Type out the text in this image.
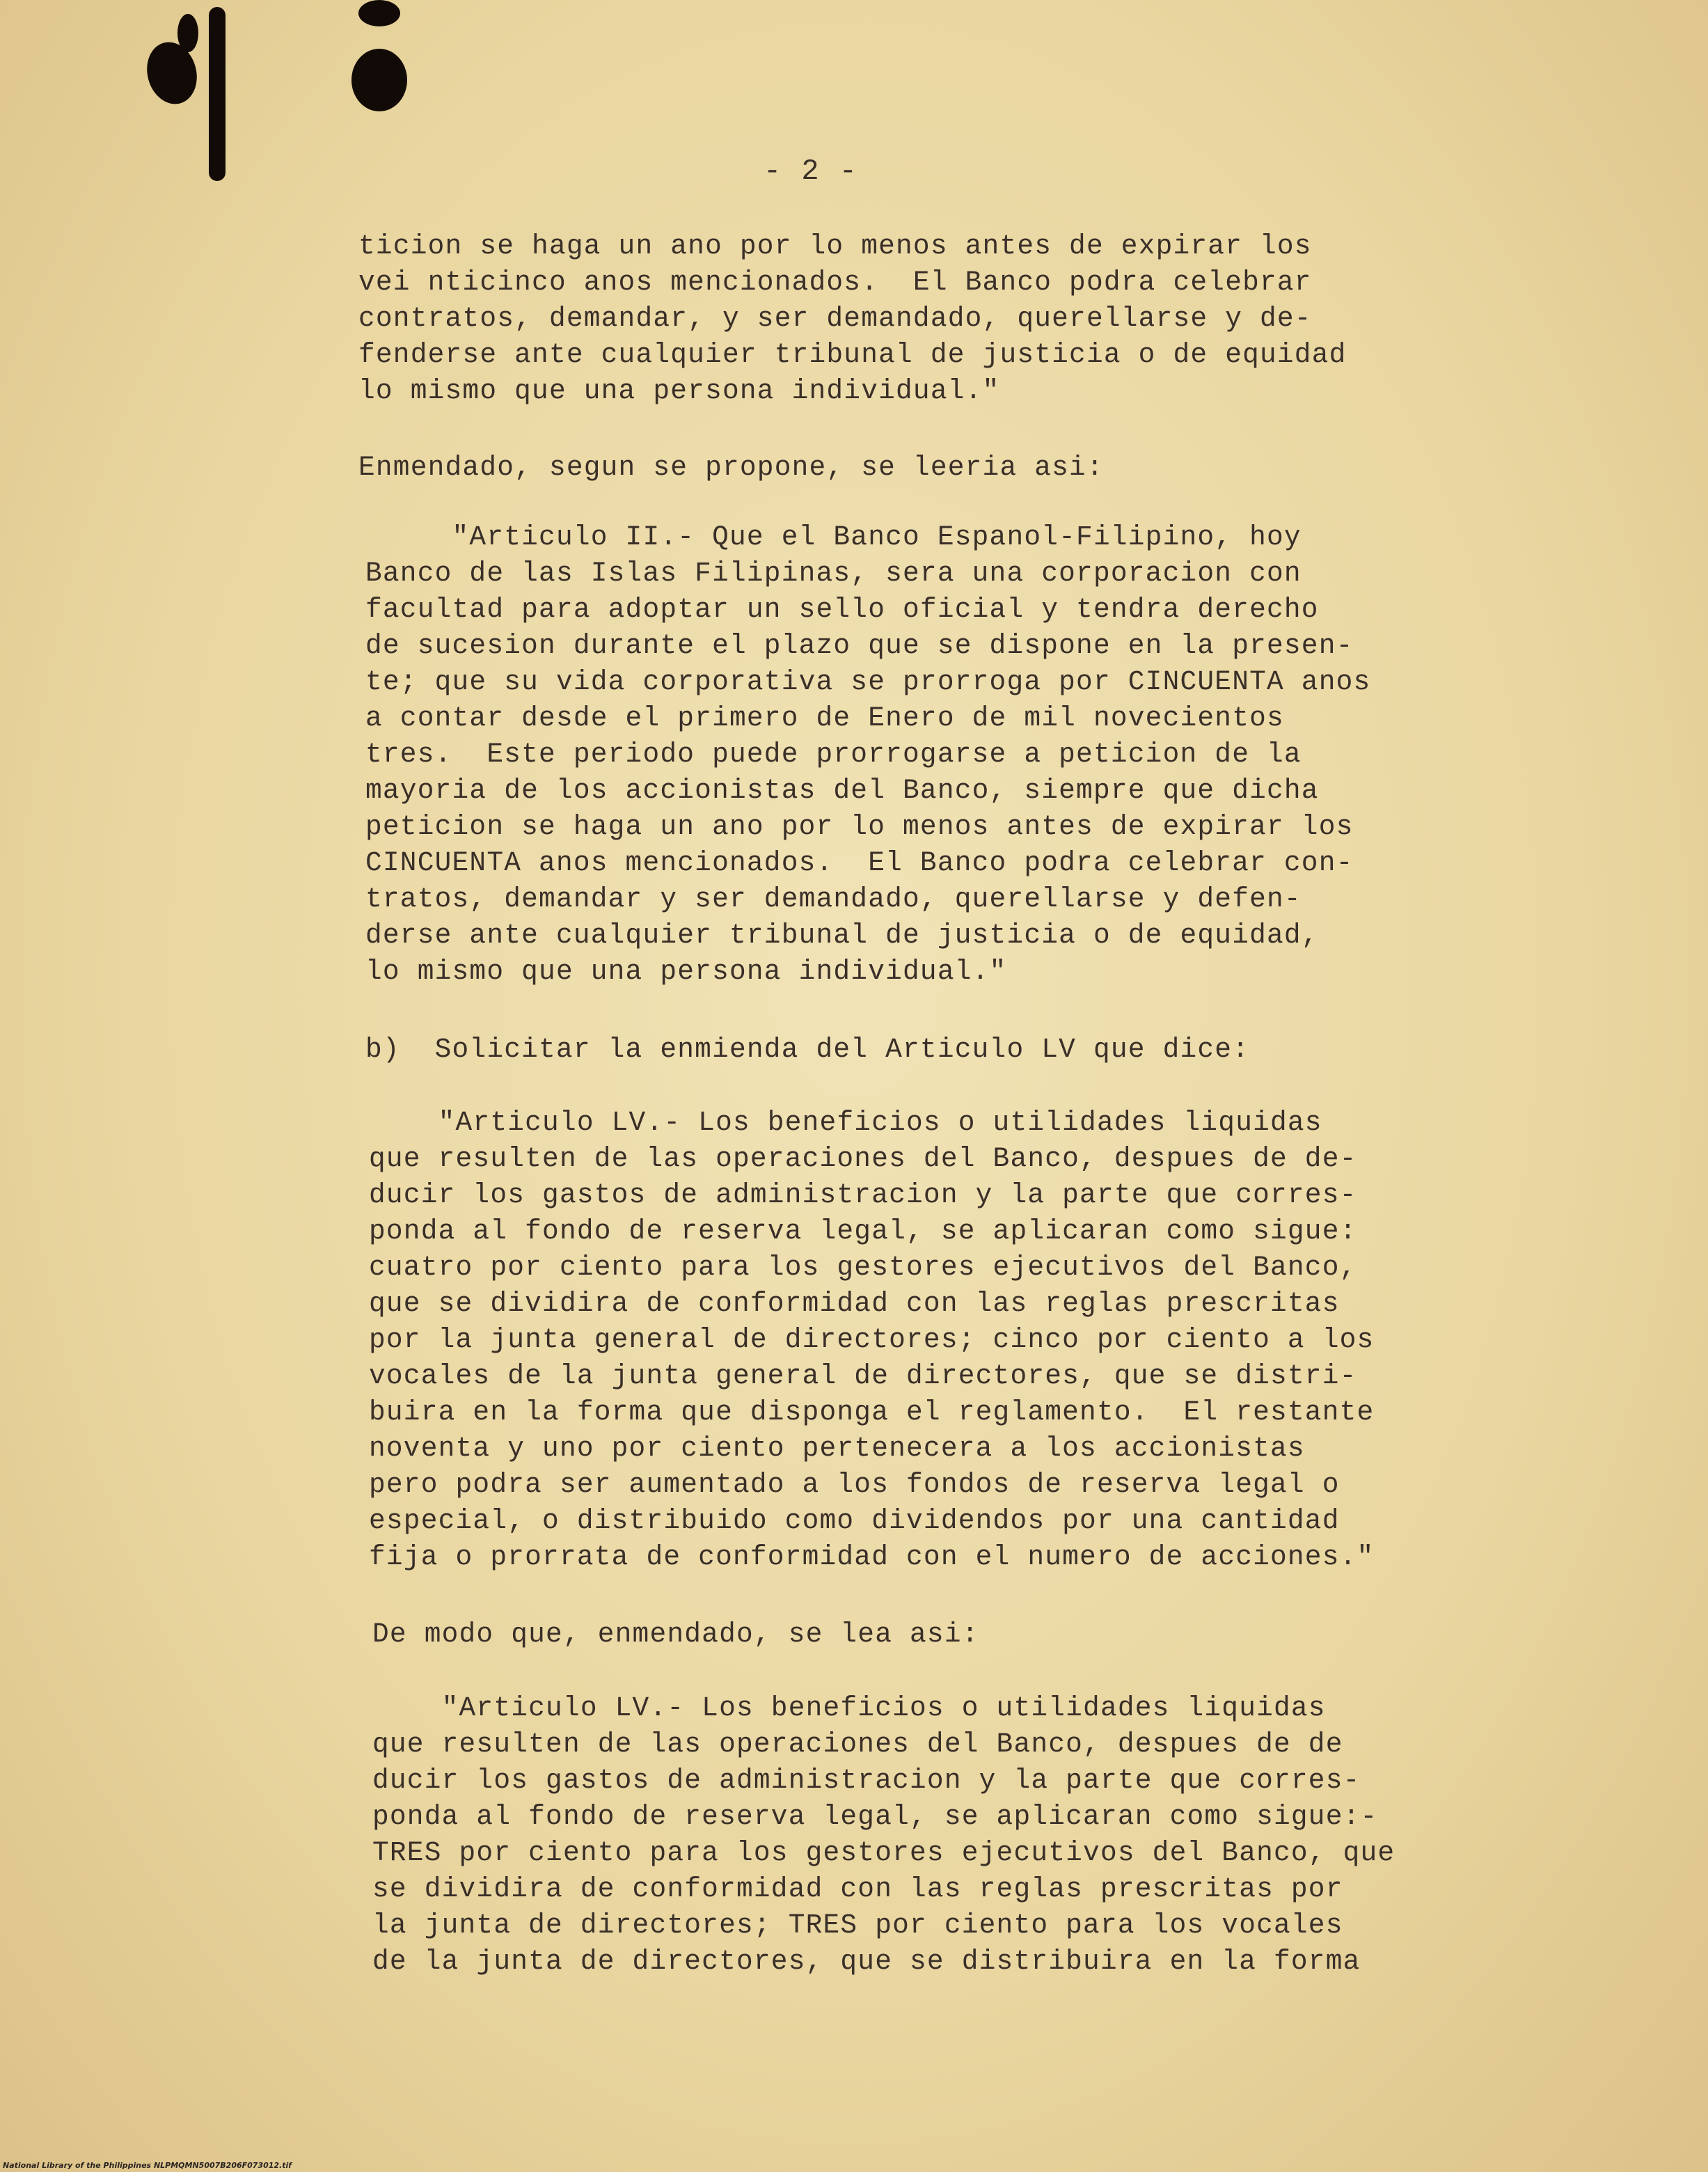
- 2 -
ticion se haga un ano por lo menos antes de expirar los
vei nticinco anos mencionados.  El Banco podra celebrar
contratos, demandar, y ser demandado, querellarse y de-
fenderse ante cualquier tribunal de justicia o de equidad
lo mismo que una persona individual."
Enmendado, segun se propone, se leeria asi:
"Articulo II.- Que el Banco Espanol-Filipino, hoy
Banco de las Islas Filipinas, sera una corporacion con
facultad para adoptar un sello oficial y tendra derecho
de sucesion durante el plazo que se dispone en la presen-
te; que su vida corporativa se prorroga por CINCUENTA anos
a contar desde el primero de Enero de mil novecientos
tres.  Este periodo puede prorrogarse a peticion de la
mayoria de los accionistas del Banco, siempre que dicha
peticion se haga un ano por lo menos antes de expirar los
CINCUENTA anos mencionados.  El Banco podra celebrar con-
tratos, demandar y ser demandado, querellarse y defen-
derse ante cualquier tribunal de justicia o de equidad,
lo mismo que una persona individual."
b)  Solicitar la enmienda del Articulo LV que dice:
"Articulo LV.- Los beneficios o utilidades liquidas
que resulten de las operaciones del Banco, despues de de-
ducir los gastos de administracion y la parte que corres-
ponda al fondo de reserva legal, se aplicaran como sigue:
cuatro por ciento para los gestores ejecutivos del Banco,
que se dividira de conformidad con las reglas prescritas
por la junta general de directores; cinco por ciento a los
vocales de la junta general de directores, que se distri-
buira en la forma que disponga el reglamento.  El restante
noventa y uno por ciento pertenecera a los accionistas
pero podra ser aumentado a los fondos de reserva legal o
especial, o distribuido como dividendos por una cantidad
fija o prorrata de conformidad con el numero de acciones."
De modo que, enmendado, se lea asi:
"Articulo LV.- Los beneficios o utilidades liquidas
que resulten de las operaciones del Banco, despues de de
ducir los gastos de administracion y la parte que corres-
ponda al fondo de reserva legal, se aplicaran como sigue:-
TRES por ciento para los gestores ejecutivos del Banco, que
se dividira de conformidad con las reglas prescritas por
la junta de directores; TRES por ciento para los vocales
de la junta de directores, que se distribuira en la forma
National Library of the Philippines NLPMQMN5007B206F073012.tif
